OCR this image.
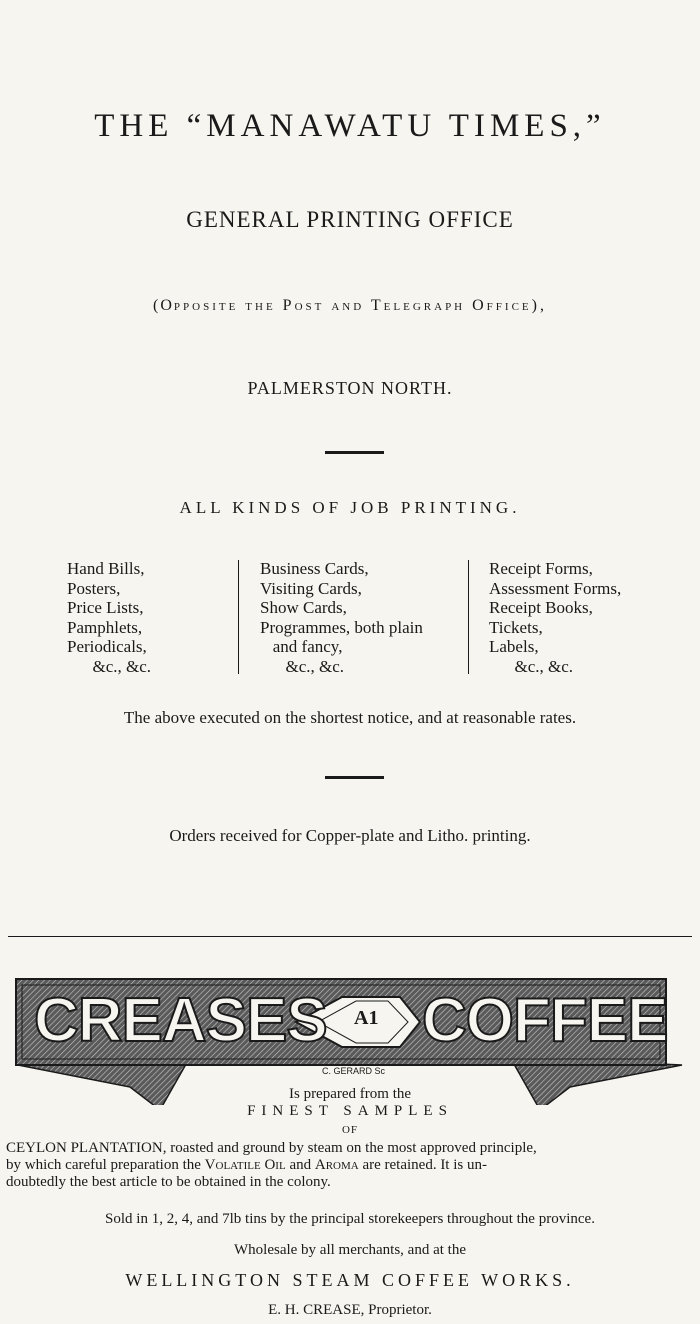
THE “MANAWATU TIMES,”
GENERAL PRINTING OFFICE
(Opposite the Post and Telegraph Office),
PALMERSTON NORTH.
ALL KINDS OF JOB PRINTING.
Hand Bills,
Posters,
Price Lists,
Pamphlets,
Periodicals,
&c., &c.
Business Cards,
Visiting Cards,
Show Cards,
Programmes, both plain
and fancy,
&c., &c.
Receipt Forms,
Assessment Forms,
Receipt Books,
Tickets,
Labels,
&c., &c.
The above executed on the shortest notice, and at reasonable rates.
Orders received for Copper-plate and Litho. printing.
CREASES A1 COFFEE
C. GERARD Sc
Is prepared from the
FINEST SAMPLES
OF
CEYLON PLANTATION, roasted and ground by steam on the most approved principle,
by which careful preparation the Volatile Oil and Aroma are retained. It is un-
doubtedly the best article to be obtained in the colony.
Sold in 1, 2, 4, and 7lb tins by the principal storekeepers throughout the province.
Wholesale by all merchants, and at the
WELLINGTON STEAM COFFEE WORKS.
E. H. CREASE, Proprietor.
